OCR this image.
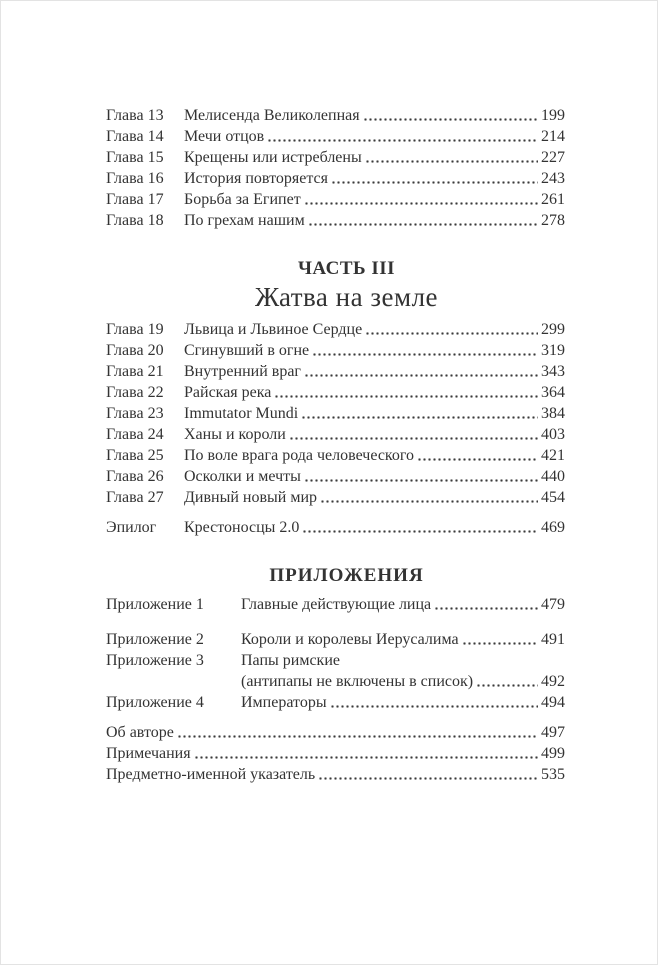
Глава 13	Мелисенда Великолепная	199
Глава 14	Мечи отцов	214
Глава 15	Крещены или истреблены	227
Глава 16	История повторяется	243
Глава 17	Борьба за Египет	261
Глава 18	По грехам нашим	278
ЧАСТЬ III
Жатва на земле
Глава 19	Львица и Львиное Сердце	299
Глава 20	Сгинувший в огне	319
Глава 21	Внутренний враг	343
Глава 22	Райская река	364
Глава 23	Immutator Mundi	384
Глава 24	Ханы и короли	403
Глава 25	По воле врага рода человеческого	421
Глава 26	Осколки и мечты	440
Глава 27	Дивный новый мир	454
Эпилог	Крестоносцы 2.0	469
ПРИЛОЖЕНИЯ
Приложение 1	Главные действующие лица	479
Приложение 2	Короли и королевы Иерусалима	491
Приложение 3	Папы римские
(антипапы не включены в список)	492
Приложение 4	Императоры	494
Об авторе	497
Примечания	499
Предметно-именной указатель	535
